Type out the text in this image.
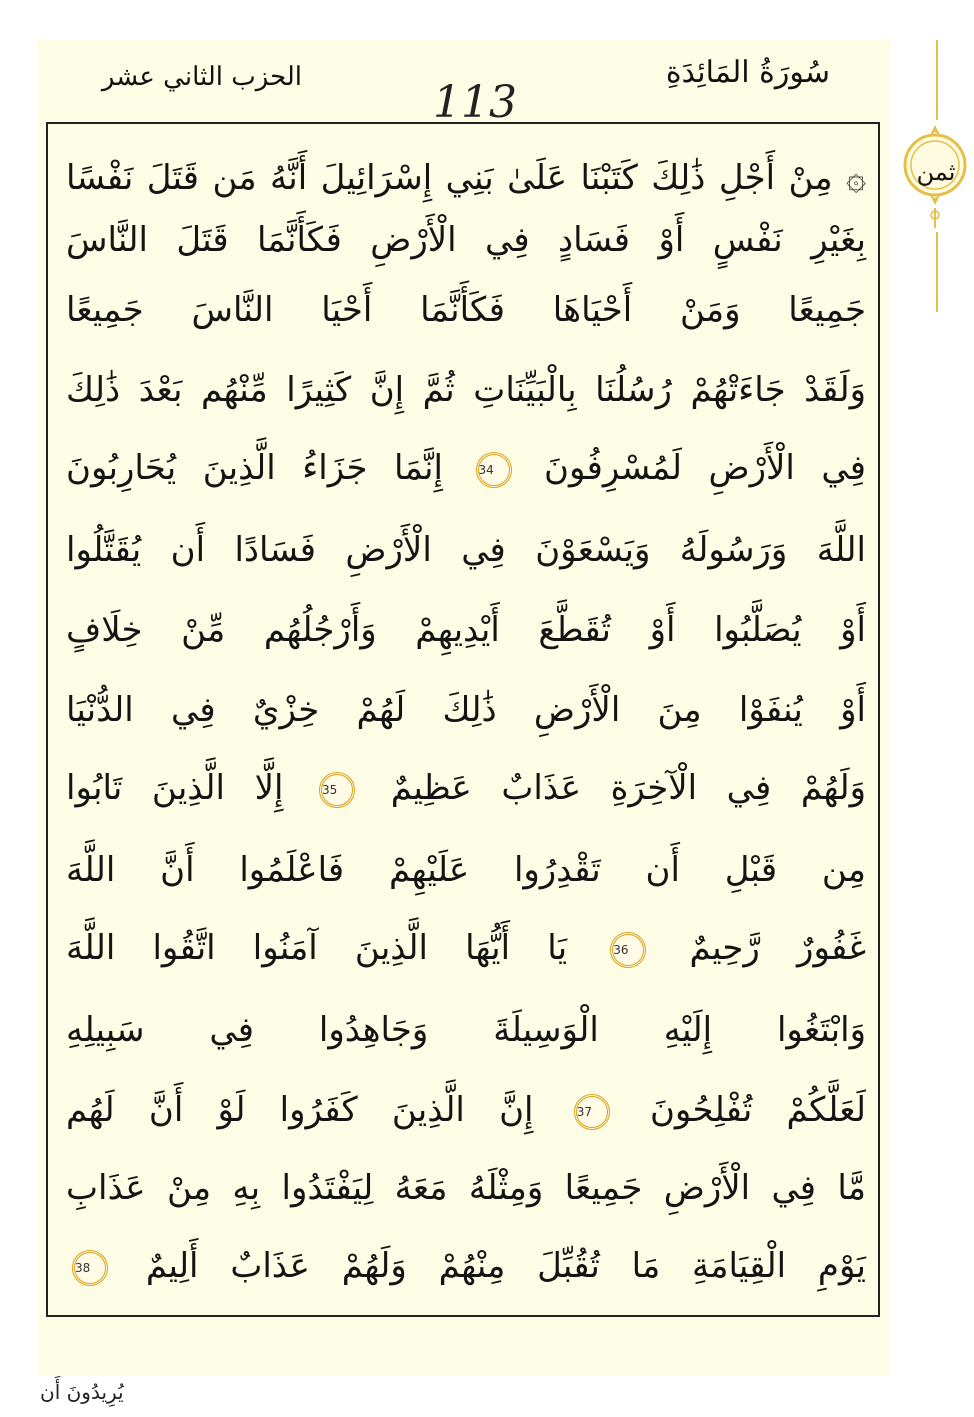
سُورَةُ المَائِدَةِ
الحزب الثاني عشر	113
ثمن
۞ مِنْ أَجْلِ ذَٰلِكَ كَتَبْنَا عَلَىٰ بَنِي إِسْرَائِيلَ أَنَّهُ مَن قَتَلَ نَفْسًا
بِغَيْرِ نَفْسٍ أَوْ فَسَادٍ فِي الْأَرْضِ فَكَأَنَّمَا قَتَلَ النَّاسَ
جَمِيعًا وَمَنْ أَحْيَاهَا فَكَأَنَّمَا أَحْيَا النَّاسَ جَمِيعًا
وَلَقَدْ جَاءَتْهُمْ رُسُلُنَا بِالْبَيِّنَاتِ ثُمَّ إِنَّ كَثِيرًا مِّنْهُم بَعْدَ ذَٰلِكَ
فِي الْأَرْضِ لَمُسْرِفُونَ 34 إِنَّمَا جَزَاءُ الَّذِينَ يُحَارِبُونَ
اللَّهَ وَرَسُولَهُ وَيَسْعَوْنَ فِي الْأَرْضِ فَسَادًا أَن يُقَتَّلُوا
أَوْ يُصَلَّبُوا أَوْ تُقَطَّعَ أَيْدِيهِمْ وَأَرْجُلُهُم مِّنْ خِلَافٍ
أَوْ يُنفَوْا مِنَ الْأَرْضِ ذَٰلِكَ لَهُمْ خِزْيٌ فِي الدُّنْيَا
وَلَهُمْ فِي الْآخِرَةِ عَذَابٌ عَظِيمٌ 35 إِلَّا الَّذِينَ تَابُوا
مِن قَبْلِ أَن تَقْدِرُوا عَلَيْهِمْ فَاعْلَمُوا أَنَّ اللَّهَ
غَفُورٌ رَّحِيمٌ 36 يَا أَيُّهَا الَّذِينَ آمَنُوا اتَّقُوا اللَّهَ
وَابْتَغُوا إِلَيْهِ الْوَسِيلَةَ وَجَاهِدُوا فِي سَبِيلِهِ
لَعَلَّكُمْ تُفْلِحُونَ 37 إِنَّ الَّذِينَ كَفَرُوا لَوْ أَنَّ لَهُم
مَّا فِي الْأَرْضِ جَمِيعًا وَمِثْلَهُ مَعَهُ لِيَفْتَدُوا بِهِ مِنْ عَذَابِ
يَوْمِ الْقِيَامَةِ مَا تُقُبِّلَ مِنْهُمْ وَلَهُمْ عَذَابٌ أَلِيمٌ 38
يُرِيدُونَ أَن
